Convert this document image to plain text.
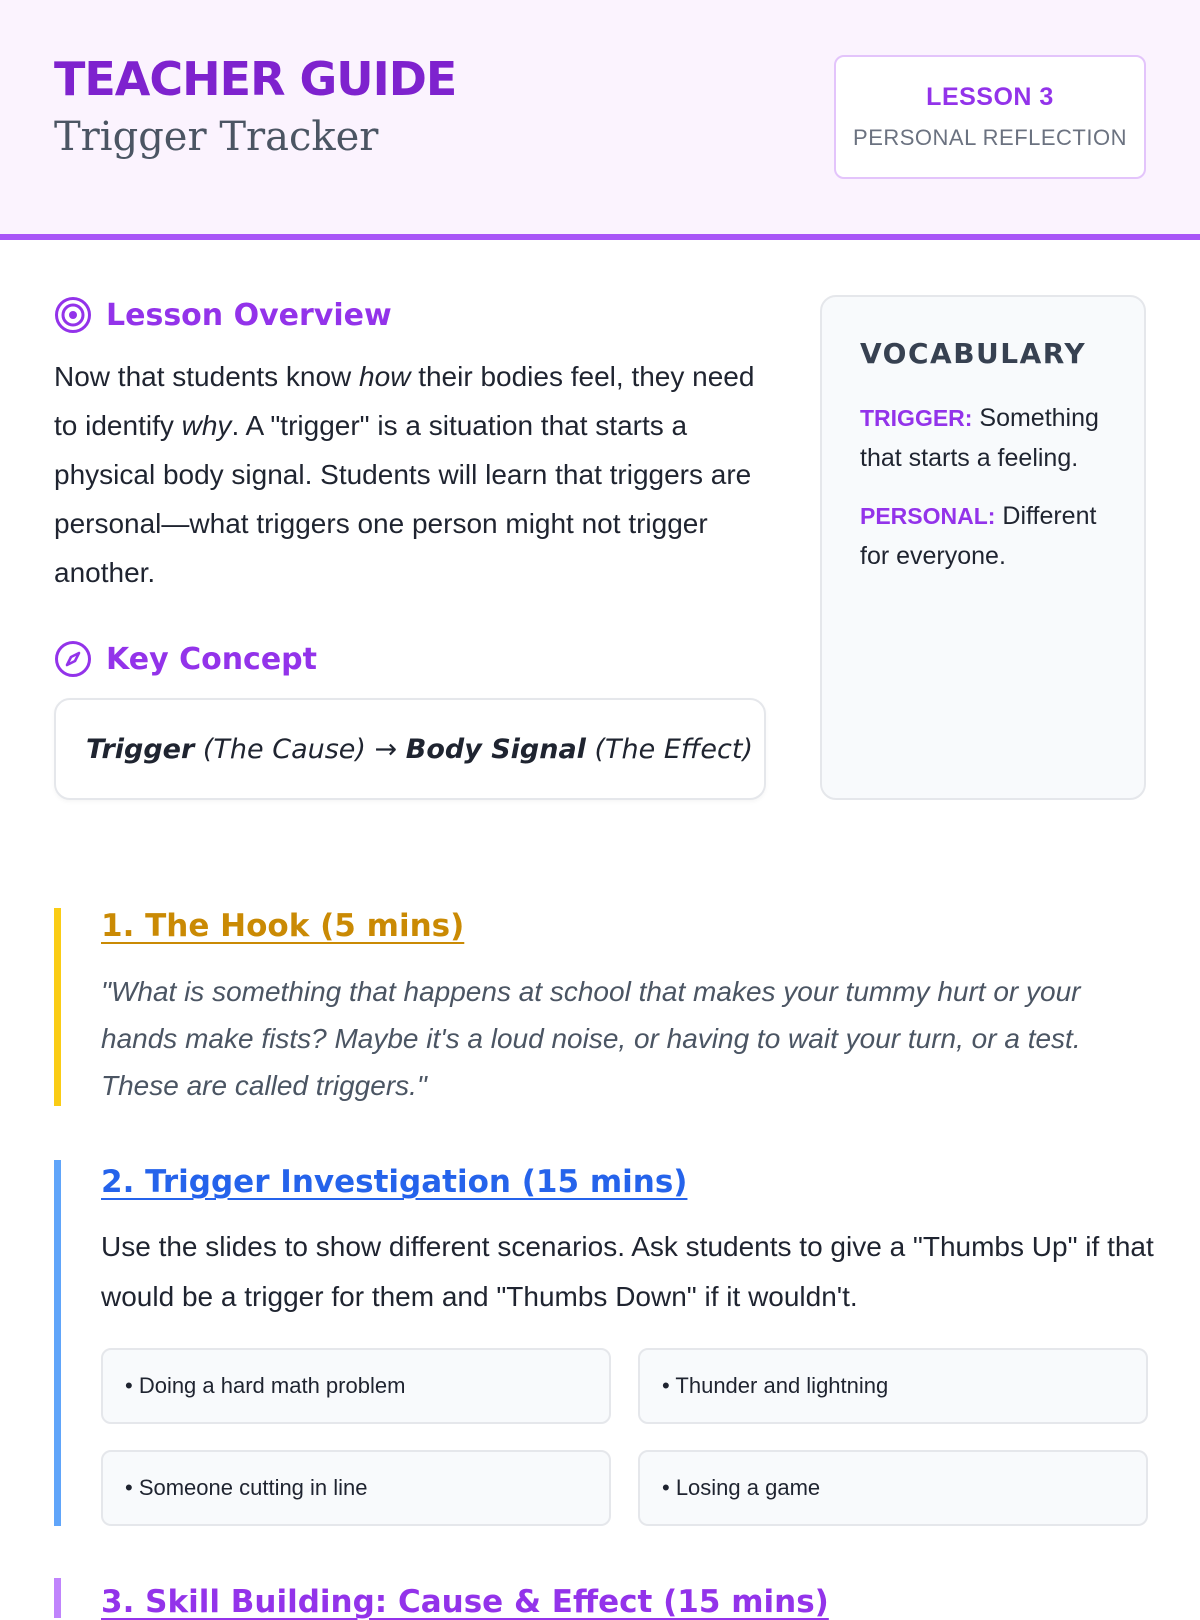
TEACHER GUIDE
Trigger Tracker
LESSON 3
PERSONAL REFLECTION
Lesson Overview

Now that students know how their bodies feel, they need to identify why. A "trigger" is a situation that starts a physical body signal. Students will learn that triggers are personal—what triggers one person might not trigger another.

Key Concept
Trigger (The Cause) → Body Signal (The Effect)
VOCABULARY
TRIGGER: Something that starts a feeling.
PERSONAL: Different for everyone.
1. The Hook (5 mins)

"What is something that happens at school that makes your tummy hurt or your hands make fists? Maybe it's a loud noise, or having to wait your turn, or a test. These are called triggers."

2. Trigger Investigation (15 mins)

Use the slides to show different scenarios. Ask students to give a "Thumbs Up" if that would be a trigger for them and "Thumbs Down" if it wouldn't.

• Doing a hard math problem	• Thunder and lightning
• Someone cutting in line	• Losing a game
3. Skill Building: Cause & Effect (15 mins)
